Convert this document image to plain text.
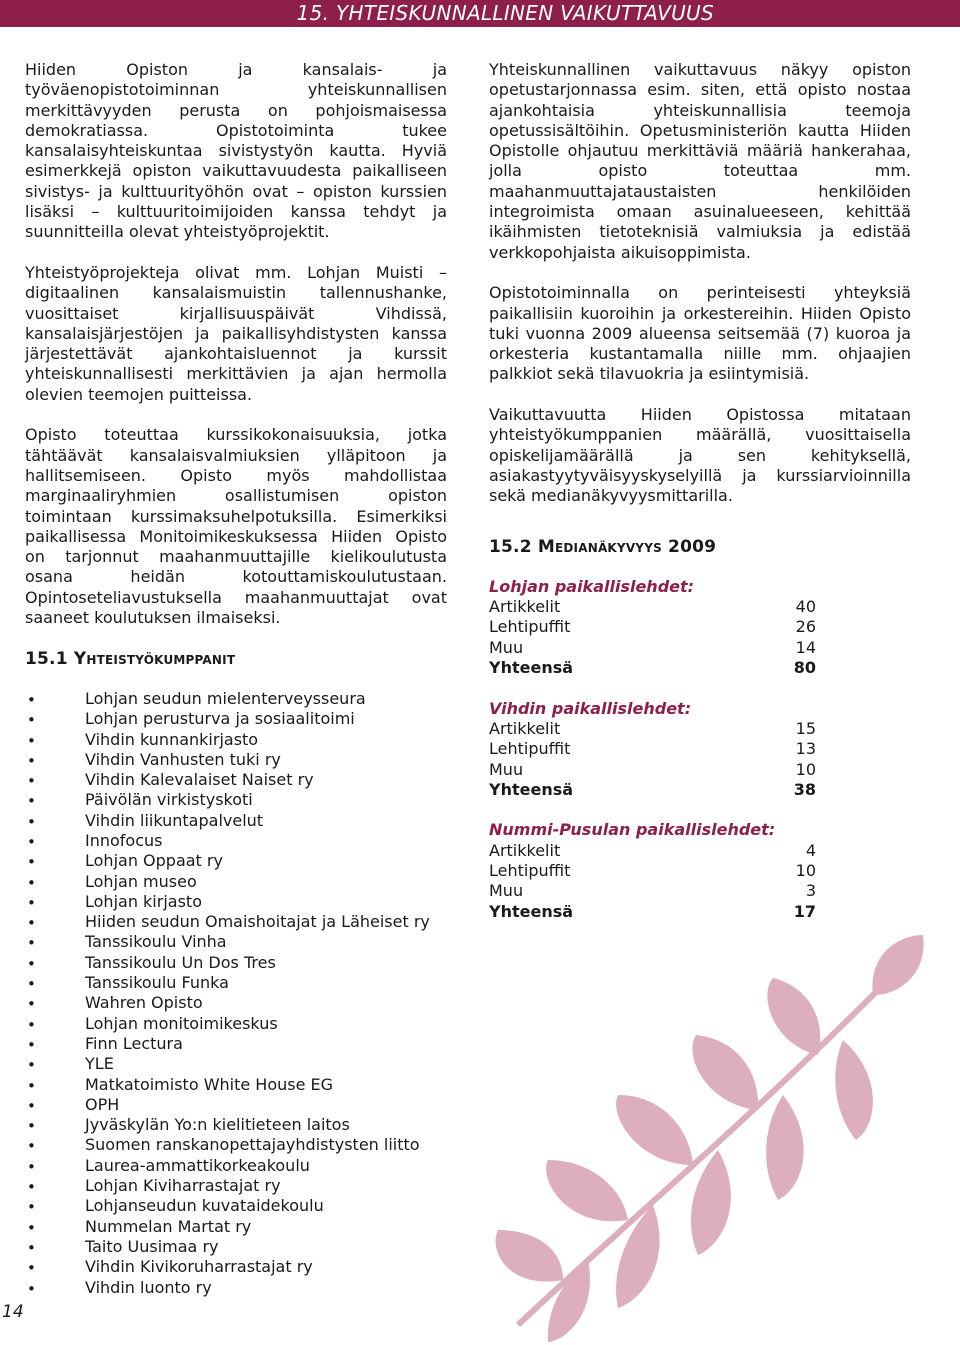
15. YHTEISKUNNALLINEN VAIKUTTAVUUS

Hiiden Opiston ja kansalais- ja työväenopistotoiminnan yhteiskunnallisen merkittävyyden perusta on pohjoismaisessa demokratiassa. Opistotoiminta tukee kansalaisyhteiskuntaa sivistystyön kautta. Hyviä esimerkkejä opiston vaikuttavuudesta paikalliseen sivistys- ja kulttuurityöhön ovat – opiston kurssien lisäksi – kulttuuritoimijoiden kanssa tehdyt ja suunnitteilla olevat yhteistyöprojektit.

Yhteistyöprojekteja olivat mm. Lohjan Muisti –digitaalinen kansalaismuistin tallennushanke, vuosittaiset kirjallisuuspäivät Vihdissä, kansalaisjärjestöjen ja paikallisyhdistysten kanssa järjestettävät ajankohtaisluennot ja kurssit yhteiskunnallisesti merkittävien ja ajan hermolla olevien teemojen puitteissa.

Opisto toteuttaa kurssikokonaisuuksia, jotka tähtäävät kansalaisvalmiuksien ylläpitoon ja hallitsemiseen. Opisto myös mahdollistaa marginaaliryhmien osallistumisen opiston toimintaan kurssimaksuhelpotuksilla. Esimerkiksi paikallisessa Monitoimikeskuksessa Hiiden Opisto on tarjonnut maahanmuuttajille kielikoulutusta osana heidän kotouttamiskoulutustaan. Opintoseteliavustuksella maahanmuuttajat ovat saaneet koulutuksen ilmaiseksi.

15.1 Yhteistyökumppanit
•	Lohjan seudun mielenterveysseura
•	Lohjan perusturva ja sosiaalitoimi
•	Vihdin kunnankirjasto
•	Vihdin Vanhusten tuki ry
•	Vihdin Kalevalaiset Naiset ry
•	Päivölän virkistyskoti
•	Vihdin liikuntapalvelut
•	Innofocus
•	Lohjan Oppaat ry
•	Lohjan museo
•	Lohjan kirjasto
•	Hiiden seudun Omaishoitajat ja Läheiset ry
•	Tanssikoulu Vinha
•	Tanssikoulu Un Dos Tres
•	Tanssikoulu Funka
•	Wahren Opisto
•	Lohjan monitoimikeskus
•	Finn Lectura
•	YLE
•	Matkatoimisto White House EG
•	OPH
•	Jyväskylän Yo:n kielitieteen laitos
•	Suomen ranskanopettajayhdistysten liitto
•	Laurea-ammattikorkeakoulu
•	Lohjan Kiviharrastajat ry
•	Lohjanseudun kuvataidekoulu
•	Nummelan Martat ry
•	Taito Uusimaa ry
•	Vihdin Kivikoruharrastajat ry
•	Vihdin luonto ry

Yhteiskunnallinen vaikuttavuus näkyy opiston opetustarjonnassa esim. siten, että opisto nostaa ajankohtaisia yhteiskunnallisia teemoja opetussisältöihin. Opetusministeriön kautta Hiiden Opistolle ohjautuu merkittäviä määriä hankerahaa, jolla opisto toteuttaa mm. maahanmuuttajataustaisten henkilöiden integroimista omaan asuinalueeseen, kehittää ikäihmisten tietoteknisiä valmiuksia ja edistää verkkopohjaista aikuisoppimista.

Opistotoiminnalla on perinteisesti yhteyksiä paikallisiin kuoroihin ja orkestereihin. Hiiden Opisto tuki vuonna 2009 alueensa seitsemää (7) kuoroa ja orkesteria kustantamalla niille mm. ohjaajien palkkiot sekä tilavuokria ja esiintymisiä.

Vaikuttavuutta Hiiden Opistossa mitataan yhteistyökumppanien määrällä, vuosittaisella opiskelijamäärällä ja sen kehityksellä, asiakastyytyväisyyskyselyillä ja kurssiarvioinnilla sekä medianäkyvyysmittarilla.

15.2 Medianäkyvyys 2009
Lohjan paikallislehdet:
Artikkelit	40
Lehtipuffit	26
Muu	14
Yhteensä	80
Vihdin paikallislehdet:
Artikkelit	15
Lehtipuffit	13
Muu	10
Yhteensä	38
Nummi-Pusulan paikallislehdet:
Artikkelit	4
Lehtipuffit	10
Muu	3
Yhteensä	17
14
